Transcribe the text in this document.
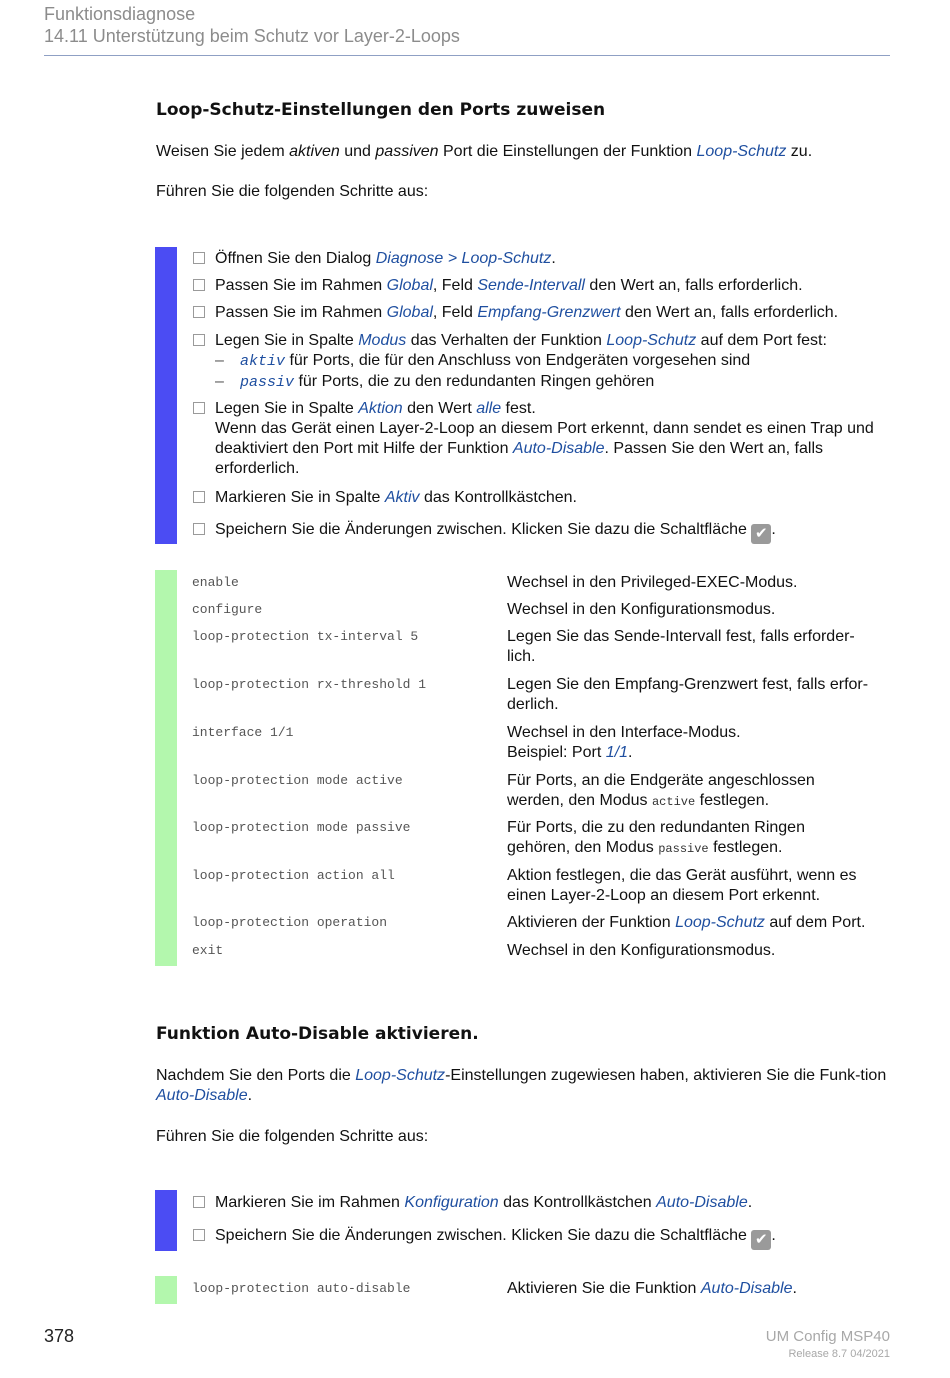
Funktionsdiagnose
14.11 Unterstützung beim Schutz vor Layer-2-Loops
Loop-Schutz-Einstellungen den Ports zuweisen

Weisen Sie jedem aktiven und passiven Port die Einstellungen der Funktion Loop-Schutz zu.

Führen Sie die folgenden Schritte aus:

Öffnen Sie den Dialog Diagnose > Loop-Schutz.
Passen Sie im Rahmen Global, Feld Sende-Intervall den Wert an, falls erforderlich.
Passen Sie im Rahmen Global, Feld Empfang-Grenzwert den Wert an, falls erforderlich.
Legen Sie in Spalte Modus das Verhalten der Funktion Loop-Schutz auf dem Port fest:
– aktiv für Ports, die für den Anschluss von Endgeräten vorgesehen sind
– passiv für Ports, die zu den redundanten Ringen gehören
Legen Sie in Spalte Aktion den Wert alle fest.
Wenn das Gerät einen Layer-2-Loop an diesem Port erkennt, dann sendet es einen Trap und deaktiviert den Port mit Hilfe der Funktion Auto-Disable. Passen Sie den Wert an, falls erforderlich.
Markieren Sie in Spalte Aktiv das Kontrollkästchen.
Speichern Sie die Änderungen zwischen. Klicken Sie dazu die Schaltfläche ✔ .
enable	Wechsel in den Privileged-EXEC-Modus.
configure	Wechsel in den Konfigurationsmodus.
loop-protection tx-interval 5	Legen Sie das Sende-Intervall fest, falls erforder-lich.
loop-protection rx-threshold 1	Legen Sie den Empfang-Grenzwert fest, falls erfor-derlich.
interface 1/1	Wechsel in den Interface-Modus.
Beispiel: Port 1/1.
loop-protection mode active	Für Ports, an die Endgeräte angeschlossen werden, den Modus active festlegen.
loop-protection mode passive	Für Ports, die zu den redundanten Ringen gehören, den Modus passive festlegen.
loop-protection action all	Aktion festlegen, die das Gerät ausführt, wenn es einen Layer-2-Loop an diesem Port erkennt.
loop-protection operation	Aktivieren der Funktion Loop-Schutz auf dem Port.
exit	Wechsel in den Konfigurationsmodus.
Funktion Auto-Disable aktivieren.

Nachdem Sie den Ports die Loop-Schutz-Einstellungen zugewiesen haben, aktivieren Sie die Funk-tion Auto-Disable.

Führen Sie die folgenden Schritte aus:

Markieren Sie im Rahmen Konfiguration das Kontrollkästchen Auto-Disable.
Speichern Sie die Änderungen zwischen. Klicken Sie dazu die Schaltfläche ✔ .
loop-protection auto-disable	Aktivieren Sie die Funktion Auto-Disable.
378	UM Config MSP40
Release 8.7 04/2021
